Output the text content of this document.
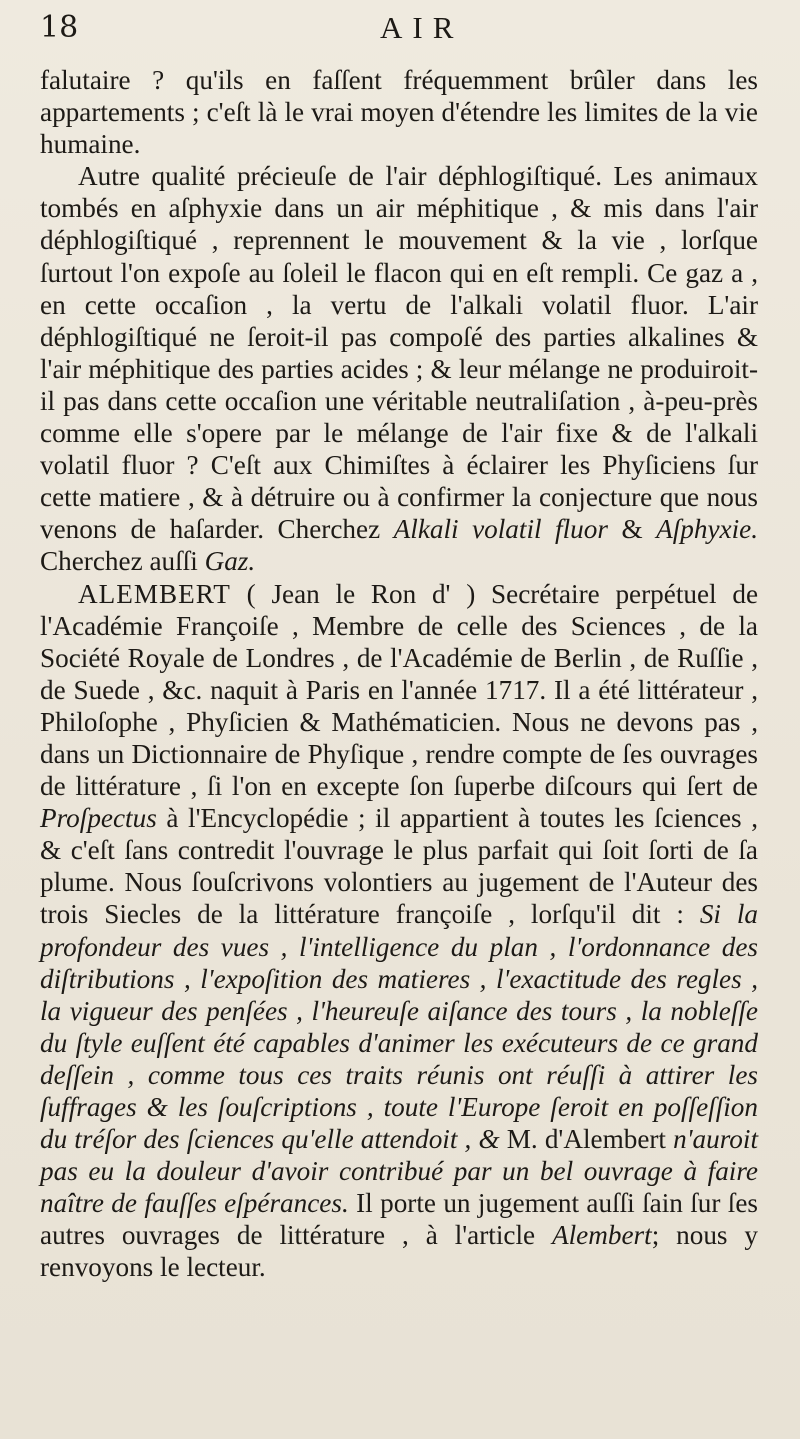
18	AIR

falutaire ? qu'ils en faſſent fréquemment brûler dans les appartements ; c'eſt là le vrai moyen d'étendre les limites de la vie humaine.

Autre qualité précieuſe de l'air déphlogiſtiqué. Les animaux tombés en aſphyxie dans un air méphitique , & mis dans l'air déphlogiſtiqué , reprennent le mouvement & la vie , lorſque ſurtout l'on expoſe au ſoleil le flacon qui en eſt rempli. Ce gaz a , en cette occaſion , la vertu de l'alkali volatil fluor. L'air déphlogiſtiqué ne ſeroit-il pas compoſé des parties alkalines & l'air méphitique des parties acides ; & leur mélange ne produiroit-il pas dans cette occaſion une véritable neutraliſation , à-peu-près comme elle s'opere par le mélange de l'air fixe & de l'alkali volatil fluor ? C'eſt aux Chimiſtes à éclairer les Phyſiciens ſur cette matiere , & à détruire ou à confirmer la conjecture que nous venons de haſarder. Cherchez Alkali volatil fluor & Aſphyxie. Cherchez auſſi Gaz.

ALEMBERT ( Jean le Ron d' ) Secrétaire perpétuel de l'Académie Françoiſe , Membre de celle des Sciences , de la Société Royale de Londres , de l'Académie de Berlin , de Ruſſie , de Suede , &c. naquit à Paris en l'année 1717. Il a été littérateur , Philoſophe , Phyſicien & Mathématicien. Nous ne devons pas , dans un Dictionnaire de Phyſique , rendre compte de ſes ouvrages de littérature , ſi l'on en excepte ſon ſuperbe diſcours qui ſert de Proſpectus à l'Encyclopédie ; il appartient à toutes les ſciences , & c'eſt ſans contredit l'ouvrage le plus parfait qui ſoit ſorti de ſa plume. Nous ſouſcrivons volontiers au jugement de l'Auteur des trois Siecles de la littérature françoiſe , lorſqu'il dit : Si la profondeur des vues , l'intelligence du plan , l'ordonnance des diſtributions , l'expoſition des matieres , l'exactitude des regles , la vigueur des penſées , l'heureuſe aiſance des tours , la nobleſſe du ſtyle euſſent été capables d'animer les exécuteurs de ce grand deſſein , comme tous ces traits réunis ont réuſſi à attirer les ſuffrages & les ſouſcriptions , toute l'Europe ſeroit en poſſeſſion du tréſor des ſciences qu'elle attendoit , & M. d'Alembert n'auroit pas eu la douleur d'avoir contribué par un bel ouvrage à faire naître de fauſſes eſpérances. Il porte un jugement auſſi ſain ſur ſes autres ouvrages de littérature , à l'article Alembert; nous y renvoyons le lecteur.
